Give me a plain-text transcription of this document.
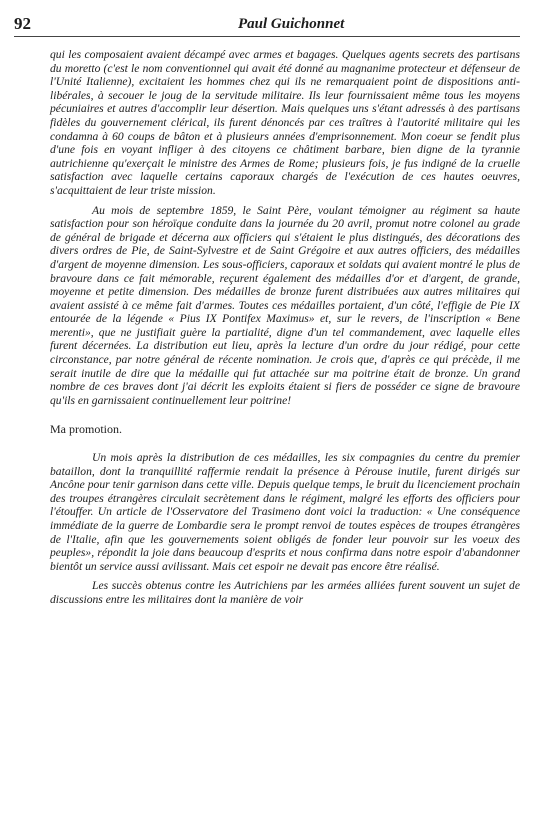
92	Paul Guichonnet

qui les composaient avaient décampé avec armes et bagages. Quelques agents secrets des partisans du moretto (c'est le nom conventionnel qui avait été donné au magnanime protecteur et défenseur de l'Unité Italienne), excitaient les hommes chez qui ils ne remarquaient point de dispositions anti-libérales, à secouer le joug de la servitude militaire. Ils leur fournissaient même tous les moyens pécuniaires et autres d'accomplir leur désertion. Mais quelques uns s'étant adressés à des partisans fidèles du gouvernement clérical, ils furent dénoncés par ces traîtres à l'autorité militaire qui les condamna à 60 coups de bâton et à plusieurs années d'emprisonnement. Mon coeur se fendit plus d'une fois en voyant infliger à des citoyens ce châtiment barbare, bien digne de la tyrannie autrichienne qu'exerçait le ministre des Armes de Rome; plusieurs fois, je fus indigné de la cruelle satisfaction avec laquelle certains caporaux chargés de l'exécution de ces hautes oeuvres, s'acquittaient de leur triste mission.

Au mois de septembre 1859, le Saint Père, voulant témoigner au régiment sa haute satisfaction pour son héroïque conduite dans la journée du 20 avril, promut notre colonel au grade de général de brigade et décerna aux officiers qui s'étaient le plus distingués, des décorations des divers ordres de Pie, de Saint-Sylvestre et de Saint Grégoire et aux autres officiers, des médailles d'argent de moyenne dimension. Les sous-officiers, caporaux et soldats qui avaient montré le plus de bravoure dans ce fait mémorable, reçurent également des médailles d'or et d'argent, de grande, moyenne et petite dimension. Des médailles de bronze furent distribuées aux autres militaires qui avaient assisté à ce même fait d'armes. Toutes ces médailles portaient, d'un côté, l'effigie de Pie IX entourée de la légende « Pius IX Pontifex Maximus» et, sur le revers, de l'inscription « Bene merenti», que ne justifiait guère la partialité, digne d'un tel commandement, avec laquelle elles furent décernées. La distribution eut lieu, après la lecture d'un ordre du jour rédigé, pour cette circonstance, par notre général de récente nomination. Je crois que, d'après ce qui précède, il me serait inutile de dire que la médaille qui fut attachée sur ma poitrine était de bronze. Un grand nombre de ces braves dont j'ai décrit les exploits étaient si fiers de posséder ce signe de bravoure qu'ils en garnissaient continuellement leur poitrine!

Ma promotion.

Un mois après la distribution de ces médailles, les six compagnies du centre du premier bataillon, dont la tranquillité raffermie rendait la présence à Pérouse inutile, furent dirigés sur Ancône pour tenir garnison dans cette ville. Depuis quelque temps, le bruit du licenciement prochain des troupes étrangères circulait secrètement dans le régiment, malgré les efforts des officiers pour l'étouffer. Un article de l'Osservatore del Trasimeno dont voici la traduction: « Une conséquence immédiate de la guerre de Lombardie sera le prompt renvoi de toutes espèces de troupes étrangères de l'Italie, afin que les gouvernements soient obligés de fonder leur pouvoir sur les voeux des peuples», répondit la joie dans beaucoup d'esprits et nous confirma dans notre espoir d'abandonner bientôt un service aussi avilissant. Mais cet espoir ne devait pas encore être réalisé.

Les succès obtenus contre les Autrichiens par les armées alliées furent souvent un sujet de discussions entre les militaires dont la manière de voir
